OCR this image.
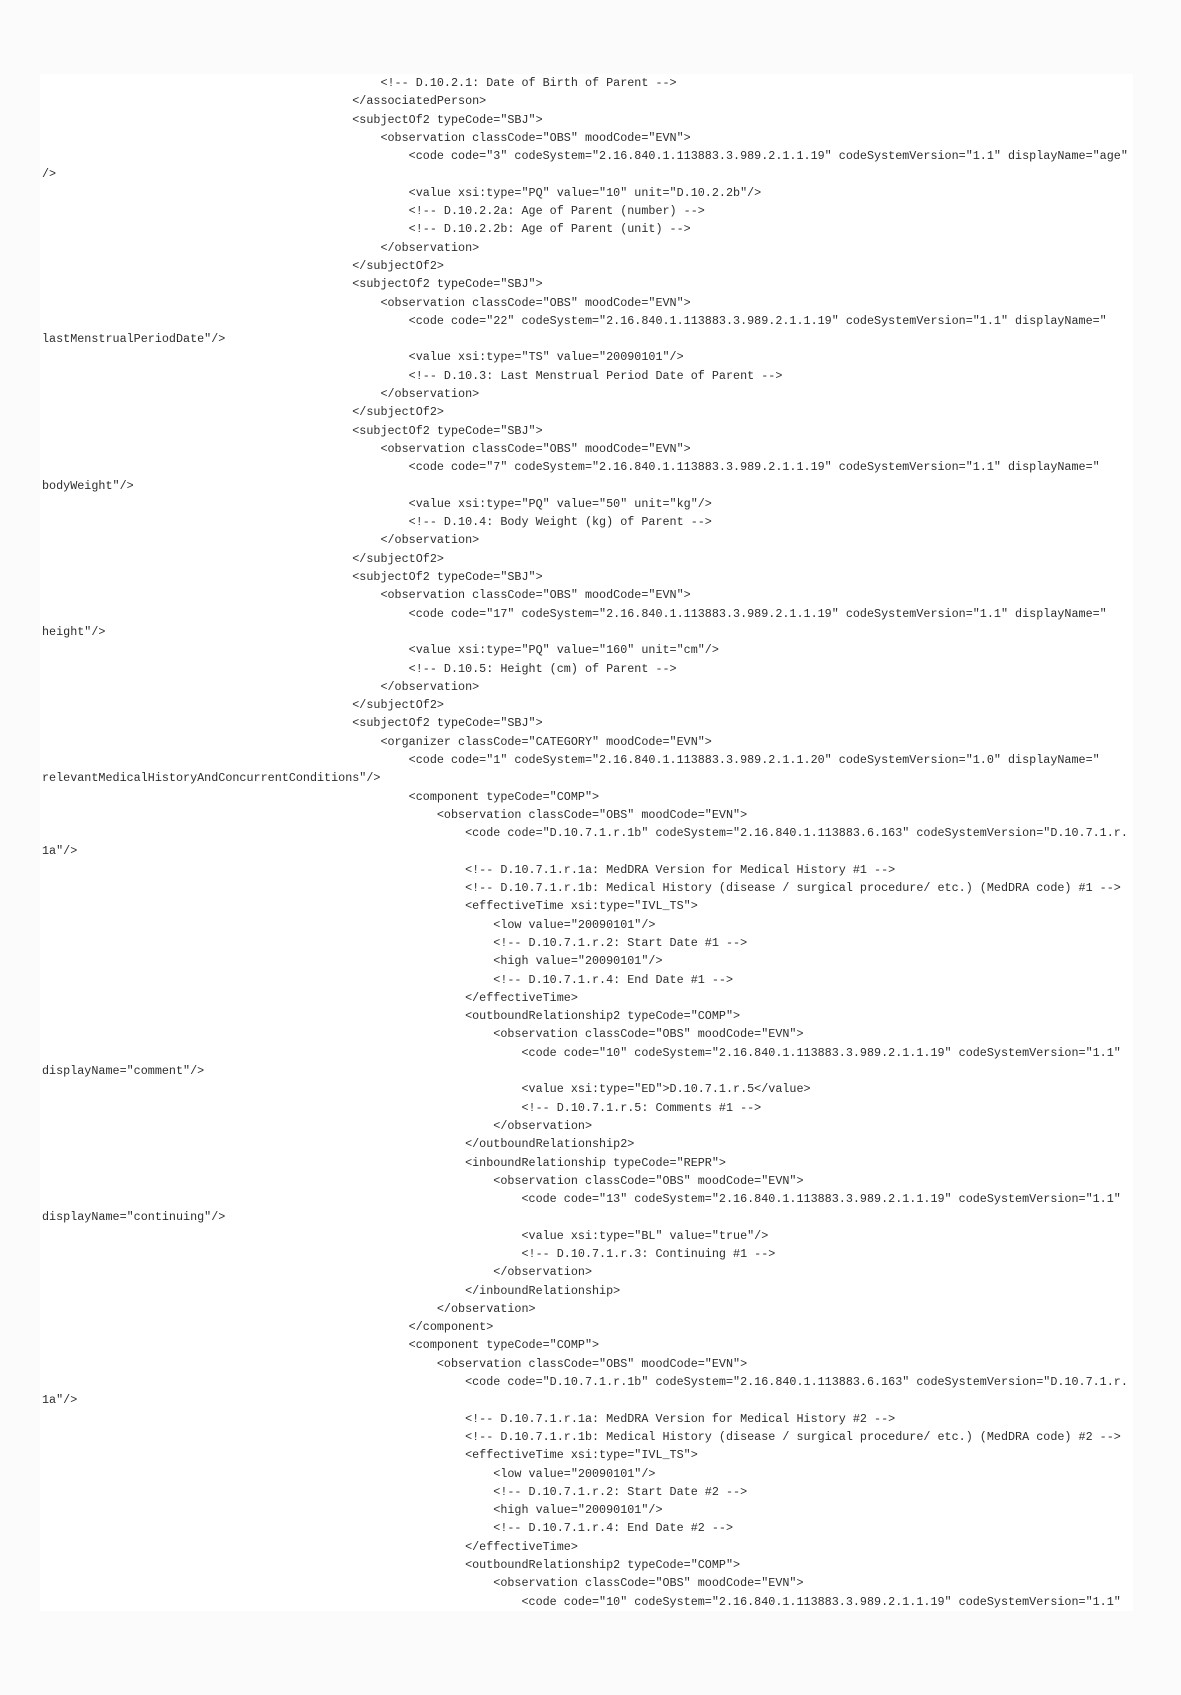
<!-- D.10.2.1: Date of Birth of Parent -->
</associatedPerson>
<subjectOf2 typeCode="SBJ">
<observation classCode="OBS" moodCode="EVN">
<code code="3" codeSystem="2.16.840.1.113883.3.989.2.1.1.19" codeSystemVersion="1.1" displayName="age"
/>
<value xsi:type="PQ" value="10" unit="D.10.2.2b"/>
<!-- D.10.2.2a: Age of Parent (number) -->
<!-- D.10.2.2b: Age of Parent (unit) -->
</observation>
</subjectOf2>
<subjectOf2 typeCode="SBJ">
<observation classCode="OBS" moodCode="EVN">
<code code="22" codeSystem="2.16.840.1.113883.3.989.2.1.1.19" codeSystemVersion="1.1" displayName="
lastMenstrualPeriodDate"/>
<value xsi:type="TS" value="20090101"/>
<!-- D.10.3: Last Menstrual Period Date of Parent -->
</observation>
</subjectOf2>
<subjectOf2 typeCode="SBJ">
<observation classCode="OBS" moodCode="EVN">
<code code="7" codeSystem="2.16.840.1.113883.3.989.2.1.1.19" codeSystemVersion="1.1" displayName="
bodyWeight"/>
<value xsi:type="PQ" value="50" unit="kg"/>
<!-- D.10.4: Body Weight (kg) of Parent -->
</observation>
</subjectOf2>
<subjectOf2 typeCode="SBJ">
<observation classCode="OBS" moodCode="EVN">
<code code="17" codeSystem="2.16.840.1.113883.3.989.2.1.1.19" codeSystemVersion="1.1" displayName="
height"/>
<value xsi:type="PQ" value="160" unit="cm"/>
<!-- D.10.5: Height (cm) of Parent -->
</observation>
</subjectOf2>
<subjectOf2 typeCode="SBJ">
<organizer classCode="CATEGORY" moodCode="EVN">
<code code="1" codeSystem="2.16.840.1.113883.3.989.2.1.1.20" codeSystemVersion="1.0" displayName="
relevantMedicalHistoryAndConcurrentConditions"/>
<component typeCode="COMP">
<observation classCode="OBS" moodCode="EVN">
<code code="D.10.7.1.r.1b" codeSystem="2.16.840.1.113883.6.163" codeSystemVersion="D.10.7.1.r.
1a"/>
<!-- D.10.7.1.r.1a: MedDRA Version for Medical History #1 -->
<!-- D.10.7.1.r.1b: Medical History (disease / surgical procedure/ etc.) (MedDRA code) #1 -->
<effectiveTime xsi:type="IVL_TS">
<low value="20090101"/>
<!-- D.10.7.1.r.2: Start Date #1 -->
<high value="20090101"/>
<!-- D.10.7.1.r.4: End Date #1 -->
</effectiveTime>
<outboundRelationship2 typeCode="COMP">
<observation classCode="OBS" moodCode="EVN">
<code code="10" codeSystem="2.16.840.1.113883.3.989.2.1.1.19" codeSystemVersion="1.1"
displayName="comment"/>
<value xsi:type="ED">D.10.7.1.r.5</value>
<!-- D.10.7.1.r.5: Comments #1 -->
</observation>
</outboundRelationship2>
<inboundRelationship typeCode="REPR">
<observation classCode="OBS" moodCode="EVN">
<code code="13" codeSystem="2.16.840.1.113883.3.989.2.1.1.19" codeSystemVersion="1.1"
displayName="continuing"/>
<value xsi:type="BL" value="true"/>
<!-- D.10.7.1.r.3: Continuing #1 -->
</observation>
</inboundRelationship>
</observation>
</component>
<component typeCode="COMP">
<observation classCode="OBS" moodCode="EVN">
<code code="D.10.7.1.r.1b" codeSystem="2.16.840.1.113883.6.163" codeSystemVersion="D.10.7.1.r.
1a"/>
<!-- D.10.7.1.r.1a: MedDRA Version for Medical History #2 -->
<!-- D.10.7.1.r.1b: Medical History (disease / surgical procedure/ etc.) (MedDRA code) #2 -->
<effectiveTime xsi:type="IVL_TS">
<low value="20090101"/>
<!-- D.10.7.1.r.2: Start Date #2 -->
<high value="20090101"/>
<!-- D.10.7.1.r.4: End Date #2 -->
</effectiveTime>
<outboundRelationship2 typeCode="COMP">
<observation classCode="OBS" moodCode="EVN">
<code code="10" codeSystem="2.16.840.1.113883.3.989.2.1.1.19" codeSystemVersion="1.1"
